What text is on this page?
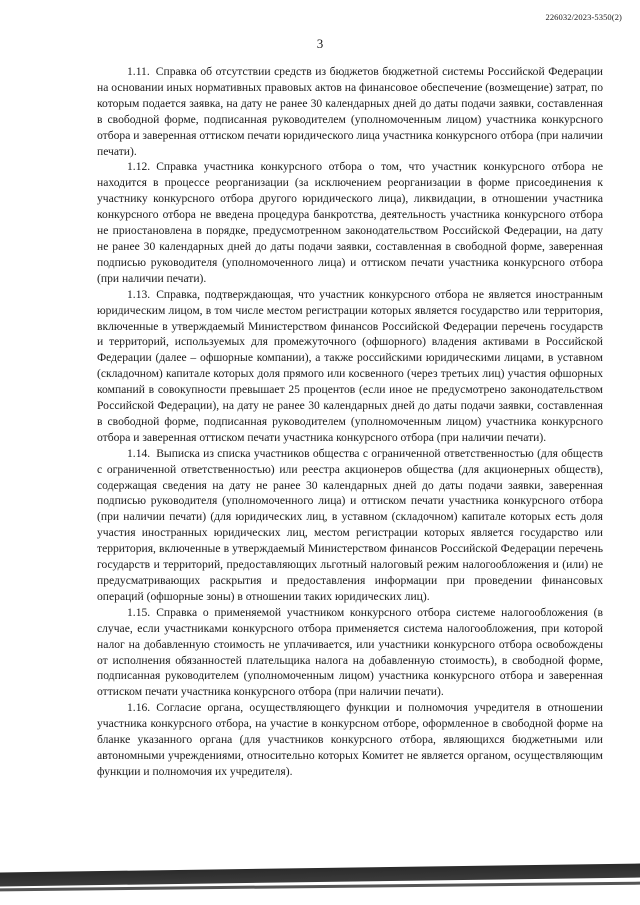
226032/2023-5350(2)
3

1.11. Справка об отсутствии средств из бюджетов бюджетной системы Российской Федерации на основании иных нормативных правовых актов на финансовое обеспечение (возмещение) затрат, по которым подается заявка, на дату не ранее 30 календарных дней до даты подачи заявки, составленная в свободной форме, подписанная руководителем (уполномоченным лицом) участника конкурсного отбора и заверенная оттиском печати юридического лица участника конкурсного отбора (при наличии печати).

1.12. Справка участника конкурсного отбора о том, что участник конкурсного отбора не находится в процессе реорганизации (за исключением реорганизации в форме присоединения к участнику конкурсного отбора другого юридического лица), ликвидации, в отношении участника конкурсного отбора не введена процедура банкротства, деятельность участника конкурсного отбора не приостановлена в порядке, предусмотренном законодательством Российской Федерации, на дату не ранее 30 календарных дней до даты подачи заявки, составленная в свободной форме, заверенная подписью руководителя (уполномоченного лица) и оттиском печати участника конкурсного отбора (при наличии печати).

1.13. Справка, подтверждающая, что участник конкурсного отбора не является иностранным юридическим лицом, в том числе местом регистрации которых является государство или территория, включенные в утверждаемый Министерством финансов Российской Федерации перечень государств и территорий, используемых для промежуточного (офшорного) владения активами в Российской Федерации (далее – офшорные компании), а также российскими юридическими лицами, в уставном (складочном) капитале которых доля прямого или косвенного (через третьих лиц) участия офшорных компаний в совокупности превышает 25 процентов (если иное не предусмотрено законодательством Российской Федерации), на дату не ранее 30 календарных дней до даты подачи заявки, составленная в свободной форме, подписанная руководителем (уполномоченным лицом) участника конкурсного отбора и заверенная оттиском печати участника конкурсного отбора (при наличии печати).

1.14. Выписка из списка участников общества с ограниченной ответственностью (для обществ с ограниченной ответственностью) или реестра акционеров общества (для акционерных обществ), содержащая сведения на дату не ранее 30 календарных дней до даты подачи заявки, заверенная подписью руководителя (уполномоченного лица) и оттиском печати участника конкурсного отбора (при наличии печати) (для юридических лиц, в уставном (складочном) капитале которых есть доля участия иностранных юридических лиц, местом регистрации которых является государство или территория, включенные в утверждаемый Министерством финансов Российской Федерации перечень государств и территорий, предоставляющих льготный налоговый режим налогообложения и (или) не предусматривающих раскрытия и предоставления информации при проведении финансовых операций (офшорные зоны) в отношении таких юридических лиц).

1.15. Справка о применяемой участником конкурсного отбора системе налогообложения (в случае, если участниками конкурсного отбора применяется система налогообложения, при которой налог на добавленную стоимость не уплачивается, или участники конкурсного отбора освобождены от исполнения обязанностей плательщика налога на добавленную стоимость), в свободной форме, подписанная руководителем (уполномоченным лицом) участника конкурсного отбора и заверенная оттиском печати участника конкурсного отбора (при наличии печати).

1.16. Согласие органа, осуществляющего функции и полномочия учредителя в отношении участника конкурсного отбора, на участие в конкурсном отборе, оформленное в свободной форме на бланке указанного органа (для участников конкурсного отбора, являющихся бюджетными или автономными учреждениями, относительно которых Комитет не является органом, осуществляющим функции и полномочия их учредителя).
